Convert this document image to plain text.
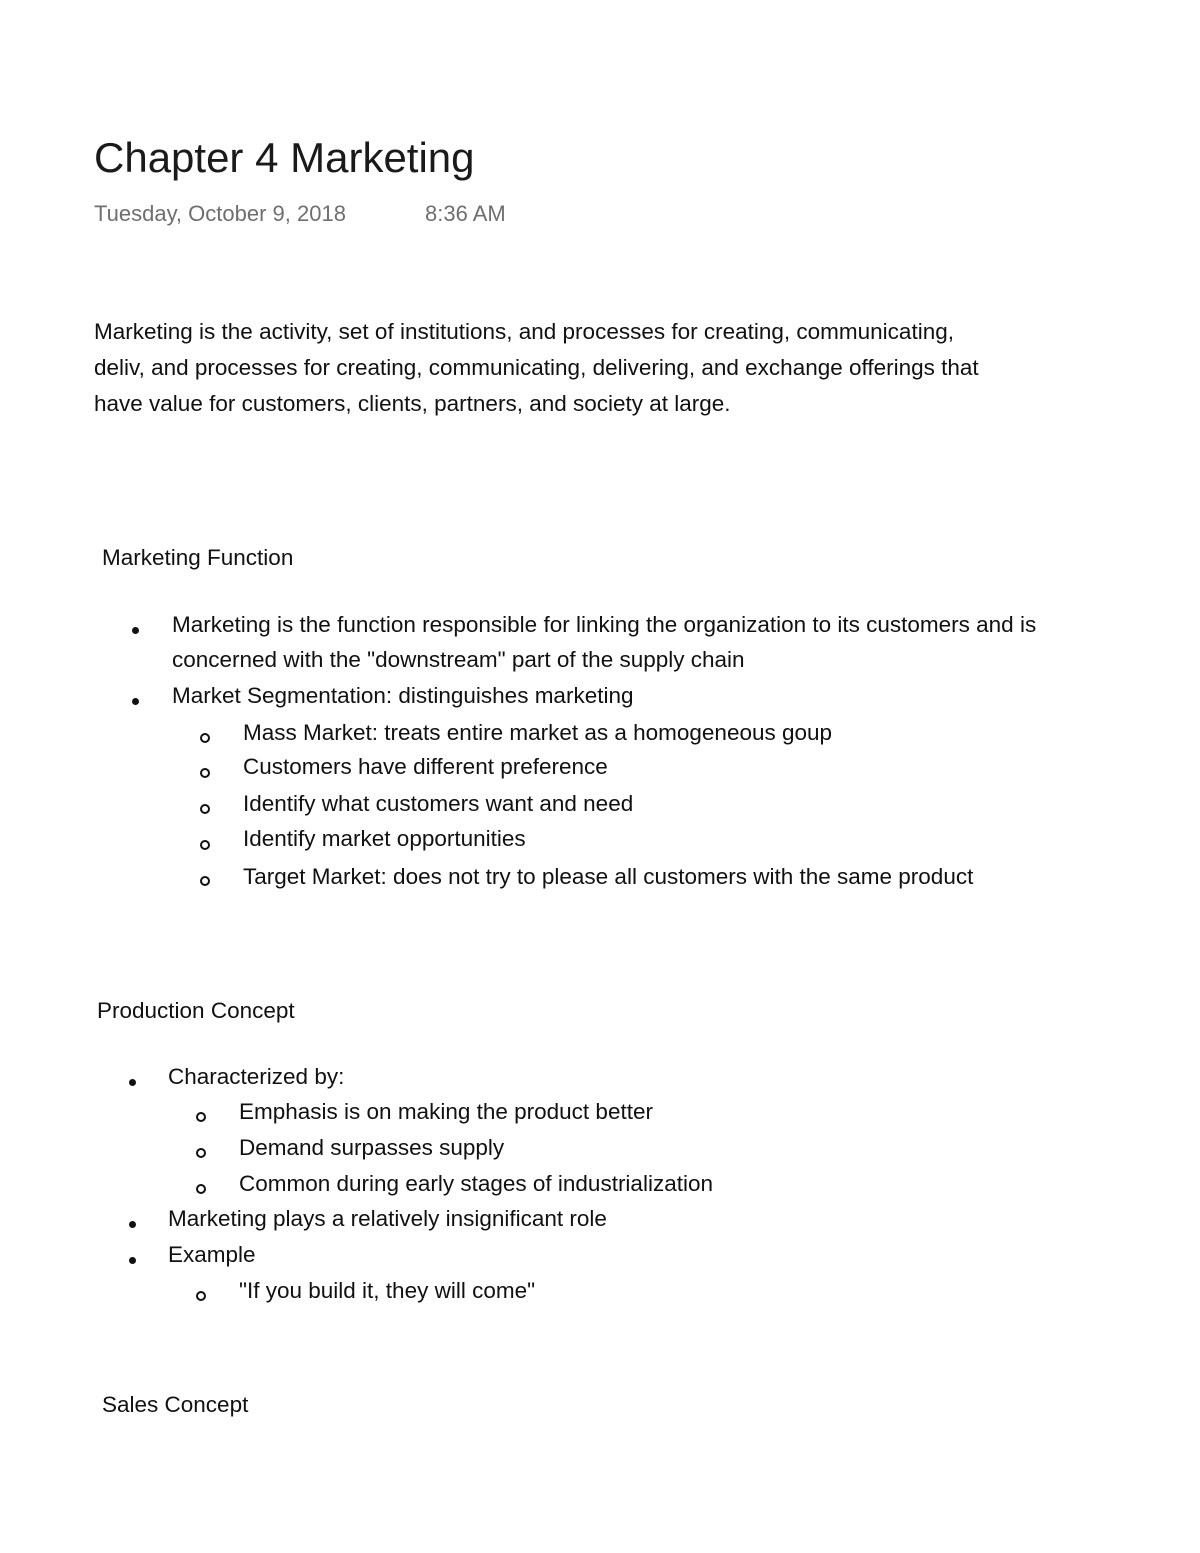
Chapter 4 Marketing
Tuesday, October 9, 2018	8:36 AM

Marketing is the activity, set of institutions, and processes for creating, communicating,
deliv, and processes for creating, communicating, delivering, and exchange offerings that
have value for customers, clients, partners, and society at large.

Marketing Function
Marketing is the function responsible for linking the organization to its customers and is
concerned with the "downstream" part of the supply chain
Market Segmentation: distinguishes marketing
Mass Market: treats entire market as a homogeneous goup
Customers have different preference
Identify what customers want and need
Identify market opportunities
Target Market: does not try to please all customers with the same product
Production Concept
Characterized by:
Emphasis is on making the product better
Demand surpasses supply
Common during early stages of industrialization
Marketing plays a relatively insignificant role
Example
"If you build it, they will come"
Sales Concept
